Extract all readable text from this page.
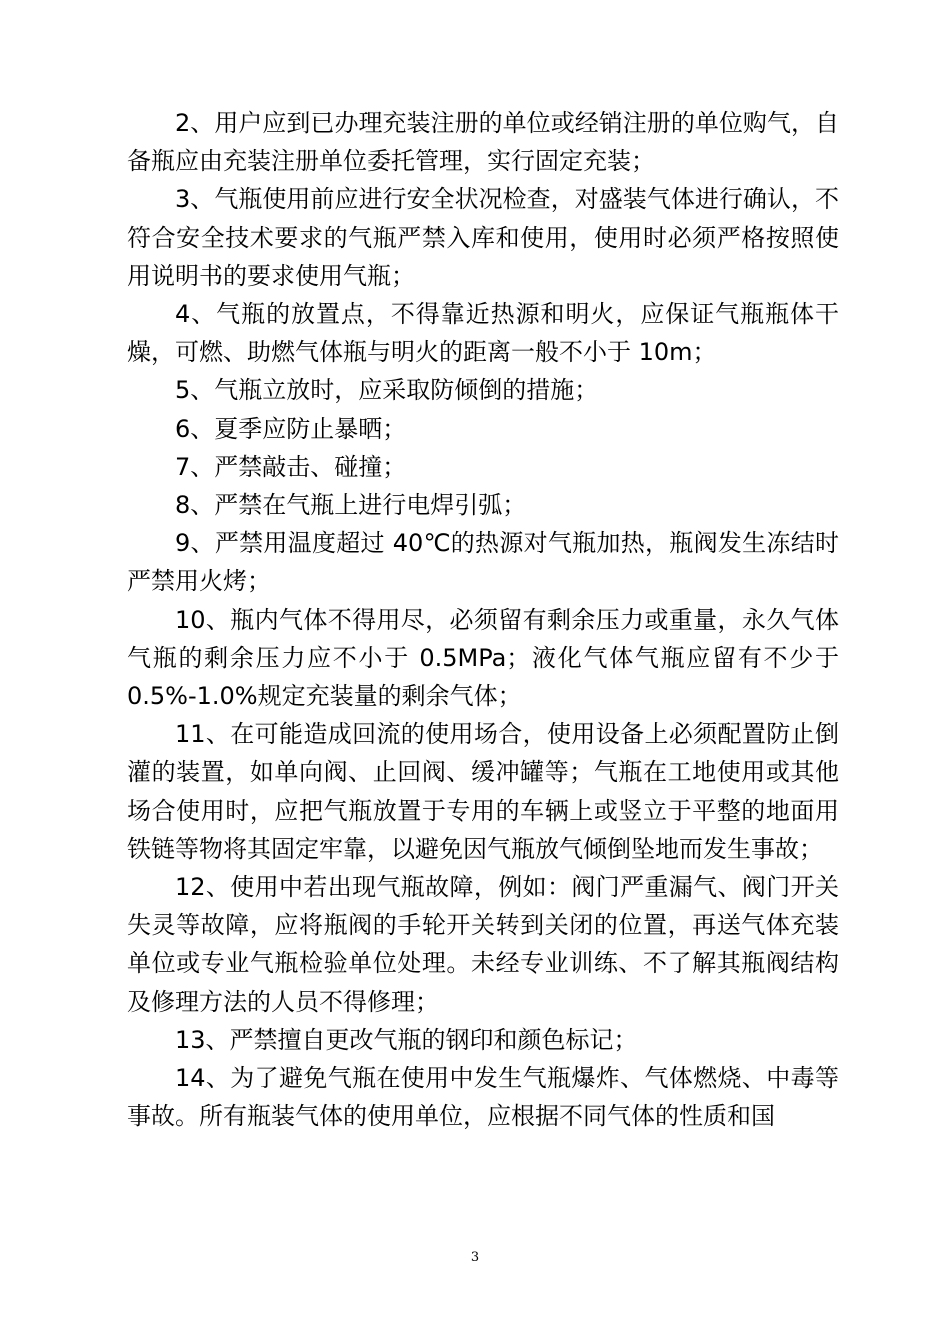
2、用户应到已办理充装注册的单位或经销注册的单位购气，自备瓶应由充装注册单位委托管理，实行固定充装；

3、气瓶使用前应进行安全状况检查，对盛装气体进行确认，不符合安全技术要求的气瓶严禁入库和使用，使用时必须严格按照使用说明书的要求使用气瓶；

4、气瓶的放置点，不得靠近热源和明火，应保证气瓶瓶体干燥，可燃、助燃气体瓶与明火的距离一般不小于 10m；

5、气瓶立放时，应采取防倾倒的措施；

6、夏季应防止暴晒；

7、严禁敲击、碰撞；

8、严禁在气瓶上进行电焊引弧；

9、严禁用温度超过 40℃的热源对气瓶加热，瓶阀发生冻结时严禁用火烤；

10、瓶内气体不得用尽，必须留有剩余压力或重量，永久气体气瓶的剩余压力应不小于 0.5MPa；液化气体气瓶应留有不少于 0.5%-1.0%规定充装量的剩余气体；

11、在可能造成回流的使用场合，使用设备上必须配置防止倒灌的装置，如单向阀、止回阀、缓冲罐等；气瓶在工地使用或其他场合使用时，应把气瓶放置于专用的车辆上或竖立于平整的地面用铁链等物将其固定牢靠，以避免因气瓶放气倾倒坠地而发生事故；

12、使用中若出现气瓶故障，例如：阀门严重漏气、阀门开关失灵等故障，应将瓶阀的手轮开关转到关闭的位置，再送气体充装单位或专业气瓶检验单位处理。未经专业训练、不了解其瓶阀结构及修理方法的人员不得修理；

13、严禁擅自更改气瓶的钢印和颜色标记；

14、为了避免气瓶在使用中发生气瓶爆炸、气体燃烧、中毒等事故。所有瓶装气体的使用单位，应根据不同气体的性质和国

3
